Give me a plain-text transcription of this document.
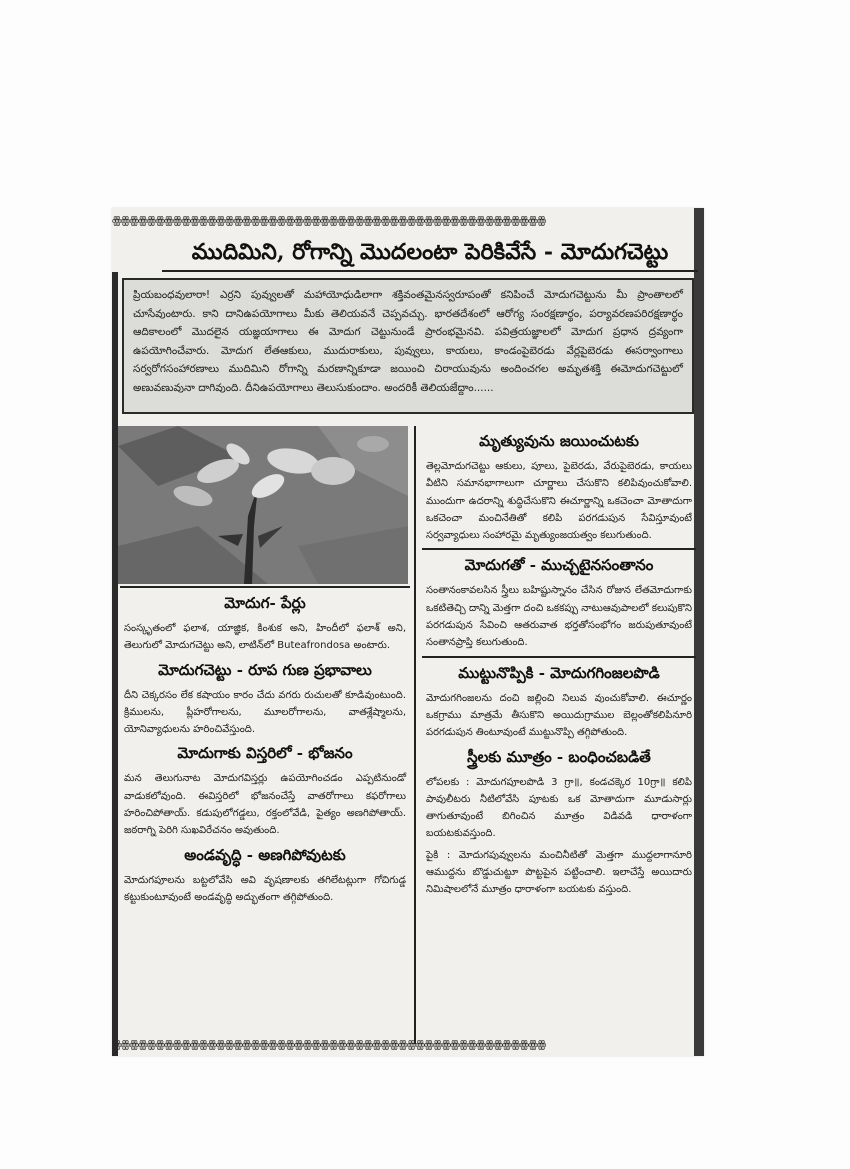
ꙮꙮꙮꙮꙮꙮꙮꙮꙮꙮꙮꙮꙮꙮꙮꙮꙮꙮꙮꙮꙮꙮꙮꙮꙮꙮꙮꙮꙮꙮꙮꙮꙮꙮꙮꙮꙮꙮꙮꙮꙮꙮꙮꙮꙮꙮꙮꙮꙮꙮ
ముదిమిని, రోగాన్ని మొదలంటా పెరికివేసే - మోదుగచెట్టు
ప్రియబంధవులారా! ఎర్రని పువ్వులతో మహాయోధుడిలాగా శక్తివంతమైనస్వరూపంతో కనిపించే మోదుగచెట్టును మీ ప్రాంతాలలో చూసేవుంటారు. కాని దానిఉపయోగాలు మీకు తెలియవనే చెప్పవచ్చు. భారతదేశంలో ఆరోగ్య సంరక్షణార్థం, పర్యావరణపరిరక్షణార్థం ఆదికాలంలో మొదలైన యజ్ఞయాగాలు ఈ మోదుగ చెట్టునుండే ప్రారంభమైనవి. పవిత్రయజ్ఞాలలో మోదుగ ప్రధాన ద్రవ్యంగా ఉపయోగించేవారు. మోదుగ లేతఆకులు, ముదురాకులు, పువ్వులు, కాయలు, కాండంపైబెరడు వేర్లపైబెరడు ఈసర్వాంగాలు సర్వరోగసంహారణాలు ముదిమిని రోగాన్ని మరణాన్నికూడా జయించి చిరాయువును అందించగల అమృతశక్తి ఈమోదుగచెట్టులో అణువణువునా దాగివుంది. దీనిఉపయోగాలు తెలుసుకుందాం. అందరికీ తెలియజేద్దాం......
మోదుగ- పేర్లు
సంస్కృతంలో ఫలాశ, యాజ్ఞిక, కింశుక అని, హిందీలో ఫలాశ్ అని, తెలుగులో మోదుగచెట్టు అని, లాటిన్‌లో Buteafrondosa అంటారు.
మోదుగచెట్టు - రూప గుణ ప్రభావాలు
దీని చెక్కరసం లేక కషాయం కారం చేదు వగరు రుచులతో కూడివుంటుంది. క్రిములను, ప్లీహరోగాలను, మూలరోగాలను, వాతశ్లేష్మాలను, యోనివ్యాధులను హరించివేస్తుంది.
మోదుగాకు విస్తరిలో - భోజనం
మన తెలుగునాట మోదుగవిస్తర్లు ఉపయోగించడం ఎప్పటినుండో వాడుకలోవుంది. ఈవిస్తరిలో భోజనంచేస్తే వాతరోగాలు కఫరోగాలు హరించిపోతాయ్. కడుపులోగడ్డలు, రక్తంలోవేడి, పైత్యం అణగిపోతాయ్. జఠరాగ్ని పెరిగి సుఖవిరేచనం అవుతుంది.
అండవృద్ధి - అణగిపోవుటకు
మోదుగపూలను బట్టలోవేసి అవి వృషణాలకు తగిలేటట్లుగా గోచిగుడ్డ కట్టుకుంటూవుంటే అండవృద్ధి అద్భుతంగా తగ్గిపోతుంది.
మృత్యువును జయించుటకు
తెల్లమోదుగచెట్టు ఆకులు, పూలు, పైబెరడు, వేరుపైబెరడు, కాయలు వీటిని సమానభాగాలుగా చూర్ణాలు చేసుకొని కలిపివుంచుకోవాలి. ముందుగా ఉదరాన్ని శుద్ధిచేసుకొని ఈచూర్ణాన్ని ఒకచెంచా మోతాదుగా ఒకచెంచా మంచినేతితో కలిపి పరగడుపున సేవిస్తూవుంటే సర్వవ్యాధులు సంహారమై మృత్యుంజయత్వం కలుగుతుంది.
మోదుగతో - ముచ్చటైనసంతానం
సంతానంకావలసిన స్త్రీలు బహిష్టుస్నానం చేసిన రోజున లేతమోదుగాకు ఒకటితెచ్చి దాన్ని మెత్తగా దంచి ఒకకప్పు నాటుఆవుపాలలో కలుపుకొని పరగడుపున సేవించి ఆతరువాత భర్తతోసంభోగం జరుపుతూవుంటే సంతానప్రాప్తి కలుగుతుంది.
ముట్టునొప్పికి - మోదుగగింజలపొడి
మోదుగగింజలను దంచి జల్లించి నిలువ వుంచుకోవాలి. ఈచూర్ణం ఒకగ్రాము మాత్రమే తీసుకొని అయిదుగ్రాముల బెల్లంతోకలిపినూరి పరగడుపున తింటూవుంటే ముట్టునొప్పి తగ్గిపోతుంది.
స్త్రీలకు మూత్రం - బంధించబడితే
లోపలకు : మోదుగపూలపొడి 3 గ్రా॥, కండచక్కెర 10గ్రా॥ కలిపి పావులీటరు నీటిలోవేసి పూటకు ఒక మోతాదుగా మూడుసార్లు తాగుతూవుంటే బిగించిన మూత్రం విడివడి ధారాళంగా బయటకువస్తుంది.
పైకి : మోదుగపువ్వులను మంచినీటితో మెత్తగా ముద్దలాగానూరి ఆముద్దను బొడ్డుచుట్టూ పొట్టపైన పట్టించాలి. ఇలాచేస్తే అయిదారు నిమిషాలలోనే మూత్రం ధారాళంగా బయటకు వస్తుంది.
ꙮꙮꙮꙮꙮꙮꙮꙮꙮꙮꙮꙮꙮꙮꙮꙮꙮꙮꙮꙮꙮꙮꙮꙮꙮꙮꙮꙮꙮꙮꙮꙮꙮꙮꙮꙮꙮꙮꙮꙮꙮꙮꙮꙮꙮꙮꙮꙮꙮꙮ
